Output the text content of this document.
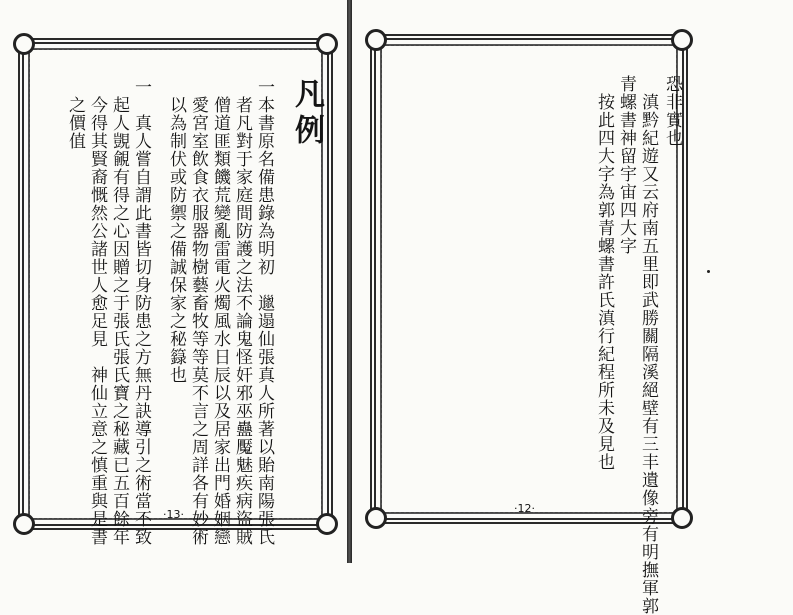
凡例
一本書原名備患錄為明初　邋遢仙張真人所著以貽南陽張氏
者凡對于家庭間防護之法不論鬼怪奸邪巫蠱魘魅疾病盜賊
僧道匪類饑荒變亂雷電火燭風水日辰以及居家出門婚姻戀
愛宮室飲食衣服器物樹藝畜牧等等莫不言之周詳各有妙術
以為制伏或防禦之備誠保家之秘籙也
一　真人嘗自謂此書皆切身防患之方無丹訣導引之術當不致
起人覬覦有得之心因贈之于張氏張氏寶之秘藏已五百餘年
今得其賢裔慨然公諸世人愈足見　神仙立意之慎重與是書
之價值
·13·
恐非實也
滇黔紀遊又云府南五里即武勝關隔溪絕壁有三丰遺像旁有明撫軍郭
青螺書神留宇宙四大字
按此四大字為郭青螺書許氏滇行紀程所未及見也
·12·
